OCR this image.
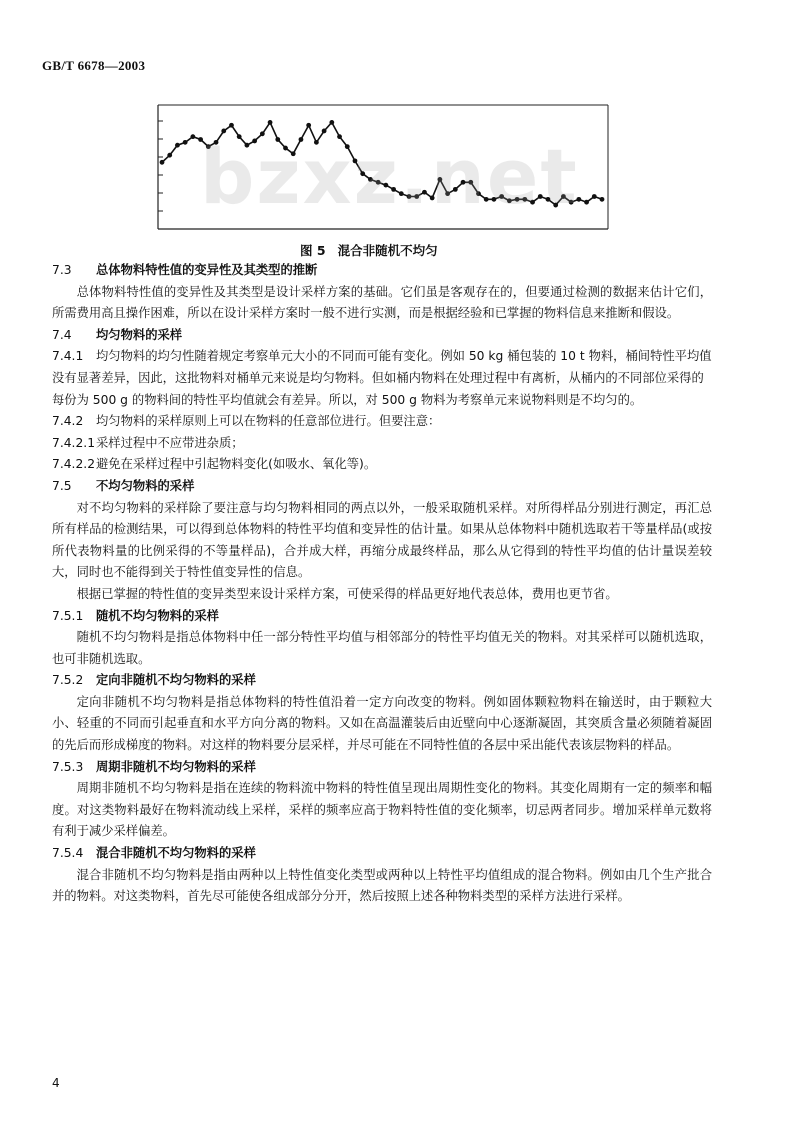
GB/T 6678—2003
bzxz.net
图 5 混合非随机不均匀

7.3 总体物料特性值的变异性及其类型的推断

总体物料特性值的变异性及其类型是设计采样方案的基础。它们虽是客观存在的，但要通过检测的数据来估计它们，所需费用高且操作困难，所以在设计采样方案时一般不进行实测，而是根据经验和已掌握的物料信息来推断和假设。

7.4 均匀物料的采样

7.4.1 均匀物料的均匀性随着规定考察单元大小的不同而可能有变化。例如 50 kg 桶包装的 10 t 物料，桶间特性平均值没有显著差异，因此，这批物料对桶单元来说是均匀物料。但如桶内物料在处理过程中有离析，从桶内的不同部位采得的每份为 500 g 的物料间的特性平均值就会有差异。所以，对 500 g 物料为考察单元来说物料则是不均匀的。

7.4.2 均匀物料的采样原则上可以在物料的任意部位进行。但要注意：

7.4.2.1采样过程中不应带进杂质；

7.4.2.2避免在采样过程中引起物料变化(如吸水、氧化等)。

7.5 不均匀物料的采样

对不均匀物料的采样除了要注意与均匀物料相同的两点以外，一般采取随机采样。对所得样品分别进行测定，再汇总所有样品的检测结果，可以得到总体物料的特性平均值和变异性的估计量。如果从总体物料中随机选取若干等量样品(或按所代表物料量的比例采得的不等量样品)，合并成大样，再缩分成最终样品，那么从它得到的特性平均值的估计量误差较大，同时也不能得到关于特性值变异性的信息。

根据已掌握的特性值的变异类型来设计采样方案，可使采得的样品更好地代表总体，费用也更节省。

7.5.1 随机不均匀物料的采样

随机不均匀物料是指总体物料中任一部分特性平均值与相邻部分的特性平均值无关的物料。对其采样可以随机选取，也可非随机选取。

7.5.2 定向非随机不均匀物料的采样

定向非随机不均匀物料是指总体物料的特性值沿着一定方向改变的物料。例如固体颗粒物料在输送时，由于颗粒大小、轻重的不同而引起垂直和水平方向分离的物料。又如在高温灌装后由近壁向中心逐渐凝固，其突质含量必须随着凝固的先后而形成梯度的物料。对这样的物料要分层采样，并尽可能在不同特性值的各层中采出能代表该层物料的样品。

7.5.3 周期非随机不均匀物料的采样

周期非随机不均匀物料是指在连续的物料流中物料的特性值呈现出周期性变化的物料。其变化周期有一定的频率和幅度。对这类物料最好在物料流动线上采样，采样的频率应高于物料特性值的变化频率，切忌两者同步。增加采样单元数将有利于减少采样偏差。

7.5.4 混合非随机不均匀物料的采样

混合非随机不均匀物料是指由两种以上特性值变化类型或两种以上特性平均值组成的混合物料。例如由几个生产批合并的物料。对这类物料，首先尽可能使各组成部分分开，然后按照上述各种物料类型的采样方法进行采样。

4
